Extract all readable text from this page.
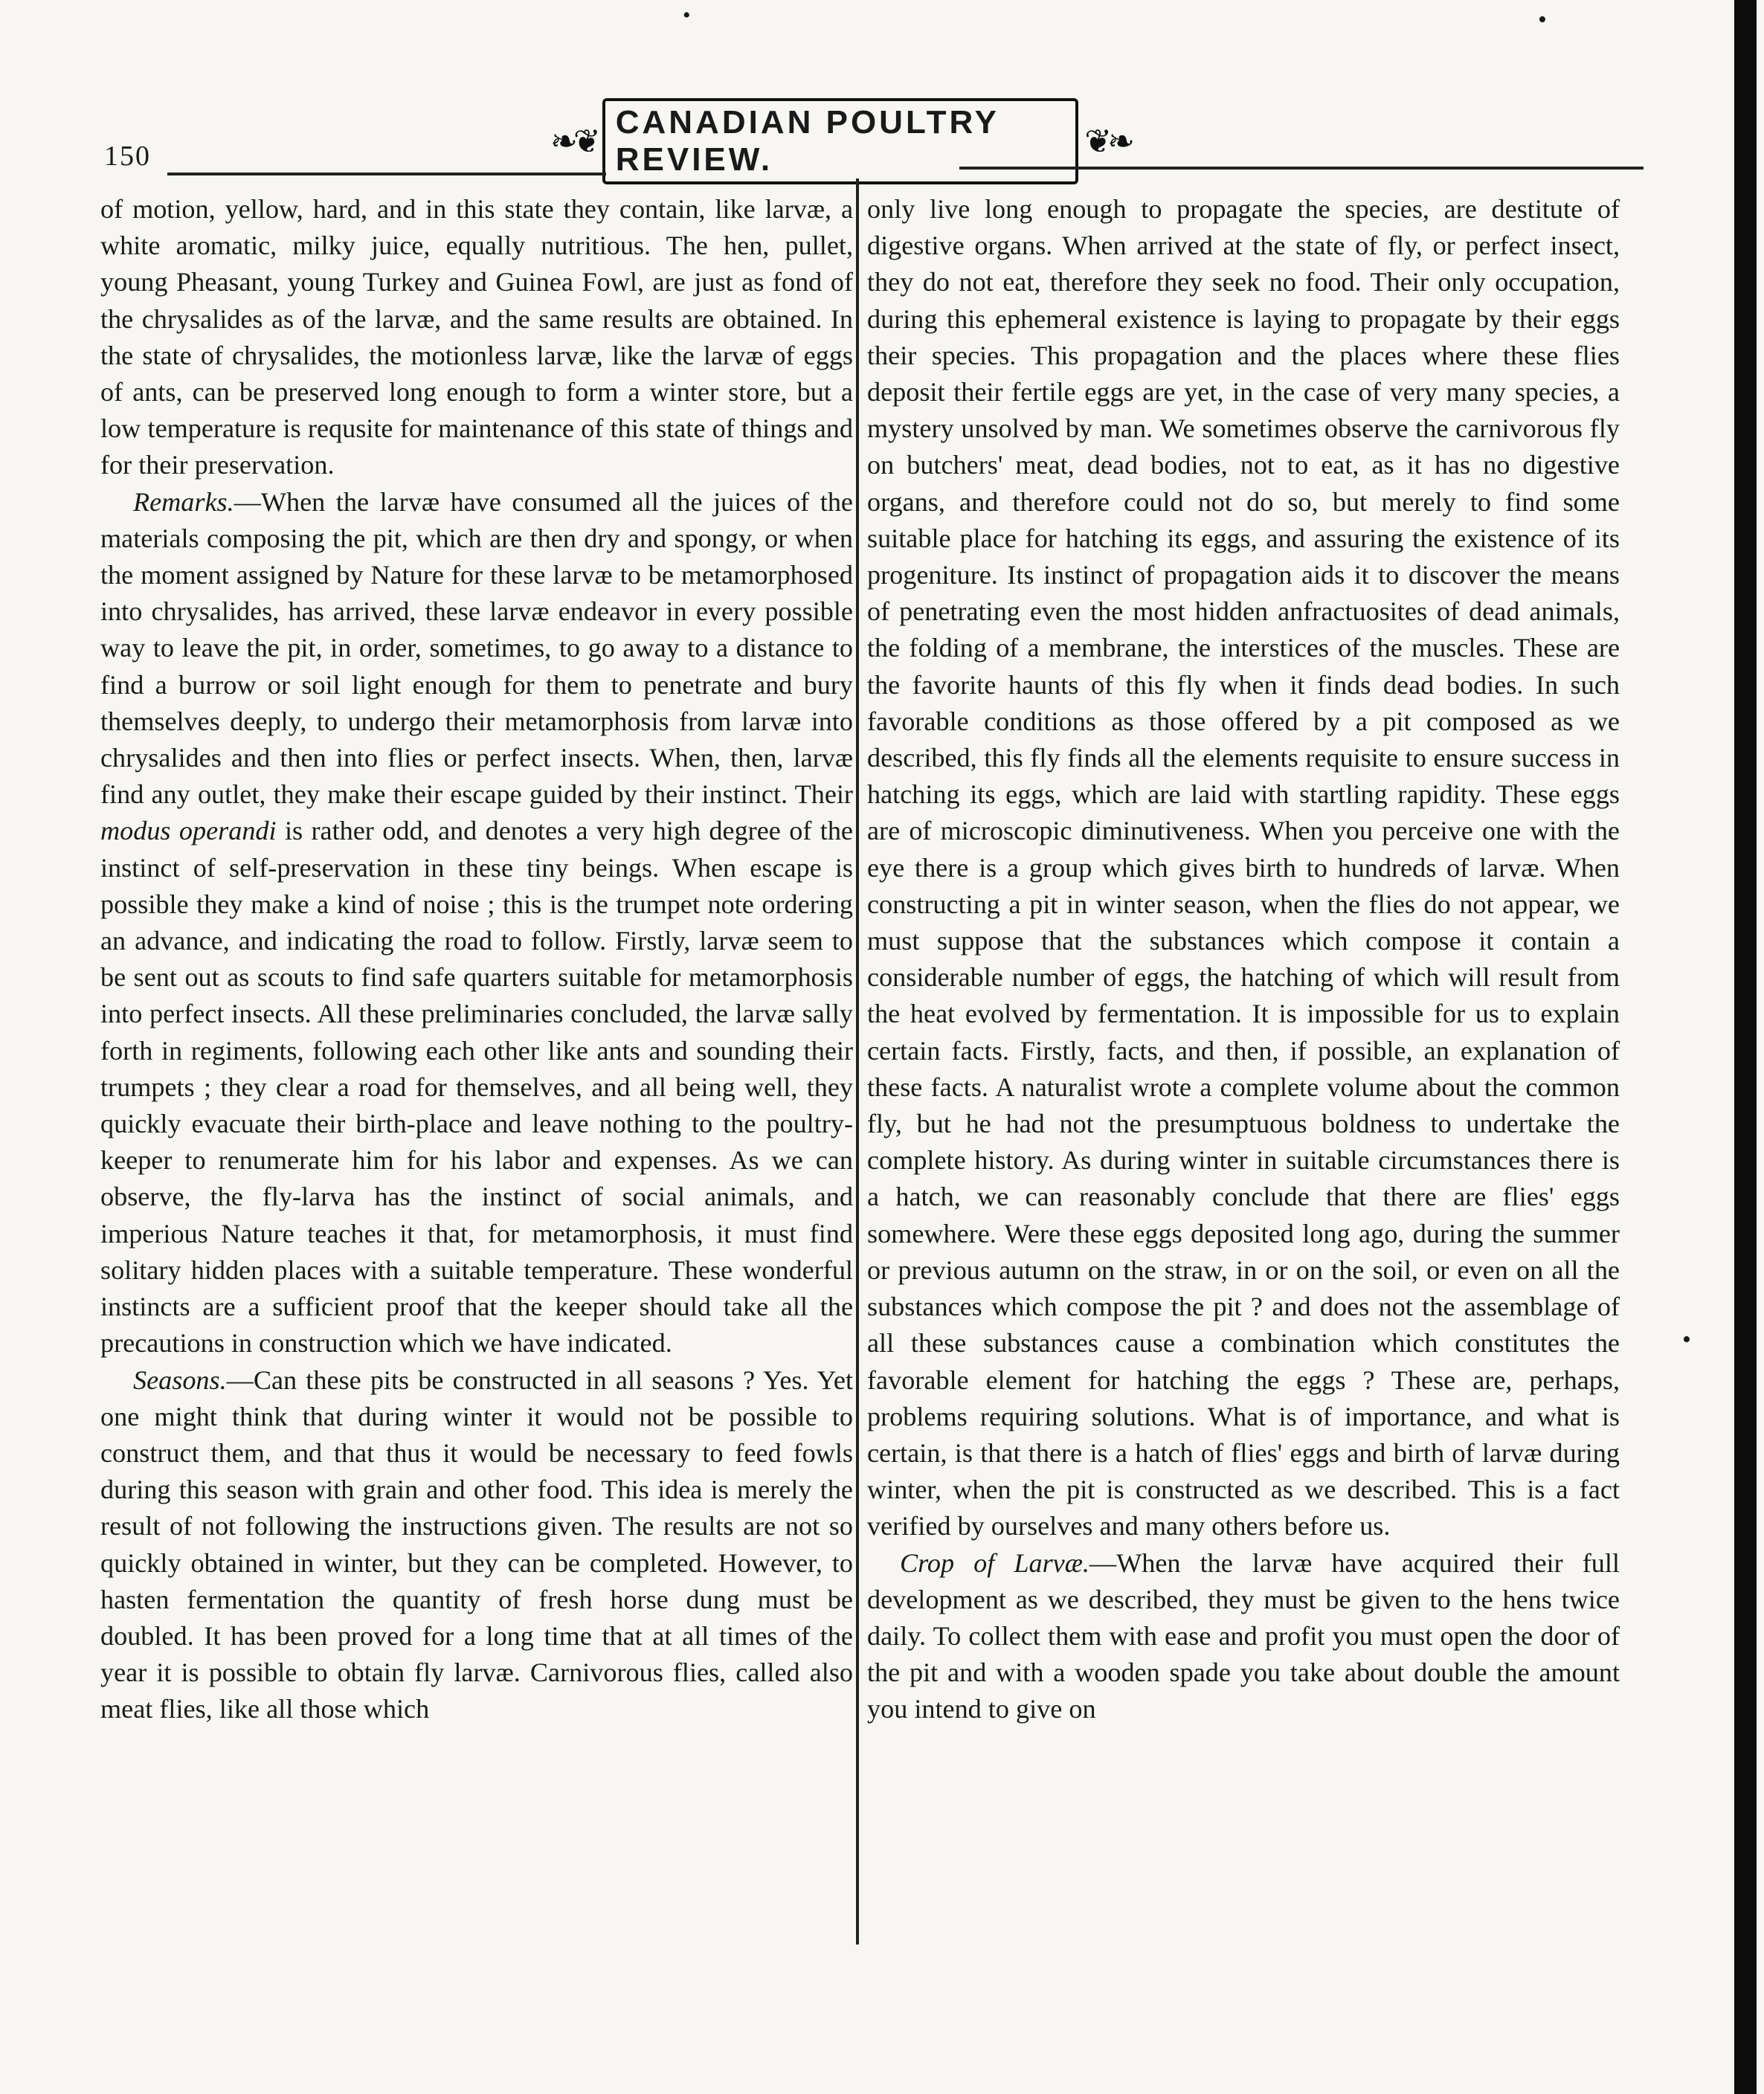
•	•
•
150	❧❦
CANADIAN POULTRY REVIEW.	❦❧

of motion, yellow, hard, and in this state they contain, like larvæ, a white aromatic, milky juice, equally nutritious. The hen, pullet, young Pheasant, young Turkey and Guinea Fowl, are just as fond of the chrysalides as of the larvæ, and the same results are obtained. In the state of chrysalides, the motionless larvæ, like the larvæ of eggs of ants, can be preserved long enough to form a winter store, but a low temperature is requsite for maintenance of this state of things and for their preservation.

Remarks.—When the larvæ have consumed all the juices of the materials composing the pit, which are then dry and spongy, or when the moment assigned by Nature for these larvæ to be metamorphosed into chrysalides, has arrived, these larvæ endeavor in every possible way to leave the pit, in order, sometimes, to go away to a distance to find a burrow or soil light enough for them to penetrate and bury themselves deeply, to undergo their metamorphosis from larvæ into chrysalides and then into flies or perfect insects. When, then, larvæ find any outlet, they make their escape guided by their instinct. Their modus operandi is rather odd, and denotes a very high degree of the instinct of self-preservation in these tiny beings. When escape is possible they make a kind of noise ; this is the trumpet note ordering an advance, and indicating the road to follow. Firstly, larvæ seem to be sent out as scouts to find safe quarters suitable for metamorphosis into perfect insects. All these preliminaries concluded, the larvæ sally forth in regiments, following each other like ants and sounding their trumpets ; they clear a road for themselves, and all being well, they quickly evacuate their birth-place and leave nothing to the poultry-keeper to renumerate him for his labor and expenses. As we can observe, the fly-larva has the instinct of social animals, and imperious Nature teaches it that, for metamorphosis, it must find solitary hidden places with a suitable temperature. These wonderful instincts are a sufficient proof that the keeper should take all the precautions in construction which we have indicated.

Seasons.—Can these pits be constructed in all seasons ? Yes. Yet one might think that during winter it would not be possible to construct them, and that thus it would be necessary to feed fowls during this season with grain and other food. This idea is merely the result of not following the instructions given. The results are not so quickly obtained in winter, but they can be completed. However, to hasten fermentation the quantity of fresh horse dung must be doubled. It has been proved for a long time that at all times of the year it is possible to obtain fly larvæ. Carnivorous flies, called also meat flies, like all those which

only live long enough to propagate the species, are destitute of digestive organs. When arrived at the state of fly, or perfect insect, they do not eat, therefore they seek no food. Their only occupation, during this ephemeral existence is laying to propagate by their eggs their species. This propagation and the places where these flies deposit their fertile eggs are yet, in the case of very many species, a mystery unsolved by man. We sometimes observe the carnivorous fly on butchers' meat, dead bodies, not to eat, as it has no digestive organs, and therefore could not do so, but merely to find some suitable place for hatching its eggs, and assuring the existence of its progeniture. Its instinct of propagation aids it to discover the means of penetrating even the most hidden anfractuosites of dead animals, the folding of a membrane, the interstices of the muscles. These are the favorite haunts of this fly when it finds dead bodies. In such favorable conditions as those offered by a pit composed as we described, this fly finds all the elements requisite to ensure success in hatching its eggs, which are laid with startling rapidity. These eggs are of microscopic diminutiveness. When you perceive one with the eye there is a group which gives birth to hundreds of larvæ. When constructing a pit in winter season, when the flies do not appear, we must suppose that the substances which compose it contain a considerable number of eggs, the hatching of which will result from the heat evolved by fermentation. It is impossible for us to explain certain facts. Firstly, facts, and then, if possible, an explanation of these facts. A naturalist wrote a complete volume about the common fly, but he had not the presumptuous boldness to undertake the complete history. As during winter in suitable circumstances there is a hatch, we can reasonably conclude that there are flies' eggs somewhere. Were these eggs deposited long ago, during the summer or previous autumn on the straw, in or on the soil, or even on all the substances which compose the pit ? and does not the assemblage of all these substances cause a combination which constitutes the favorable element for hatching the eggs ? These are, perhaps, problems requiring solutions. What is of importance, and what is certain, is that there is a hatch of flies' eggs and birth of larvæ during winter, when the pit is constructed as we described. This is a fact verified by ourselves and many others before us.

Crop of Larvæ.—When the larvæ have acquired their full development as we described, they must be given to the hens twice daily. To collect them with ease and profit you must open the door of the pit and with a wooden spade you take about double the amount you intend to give on
